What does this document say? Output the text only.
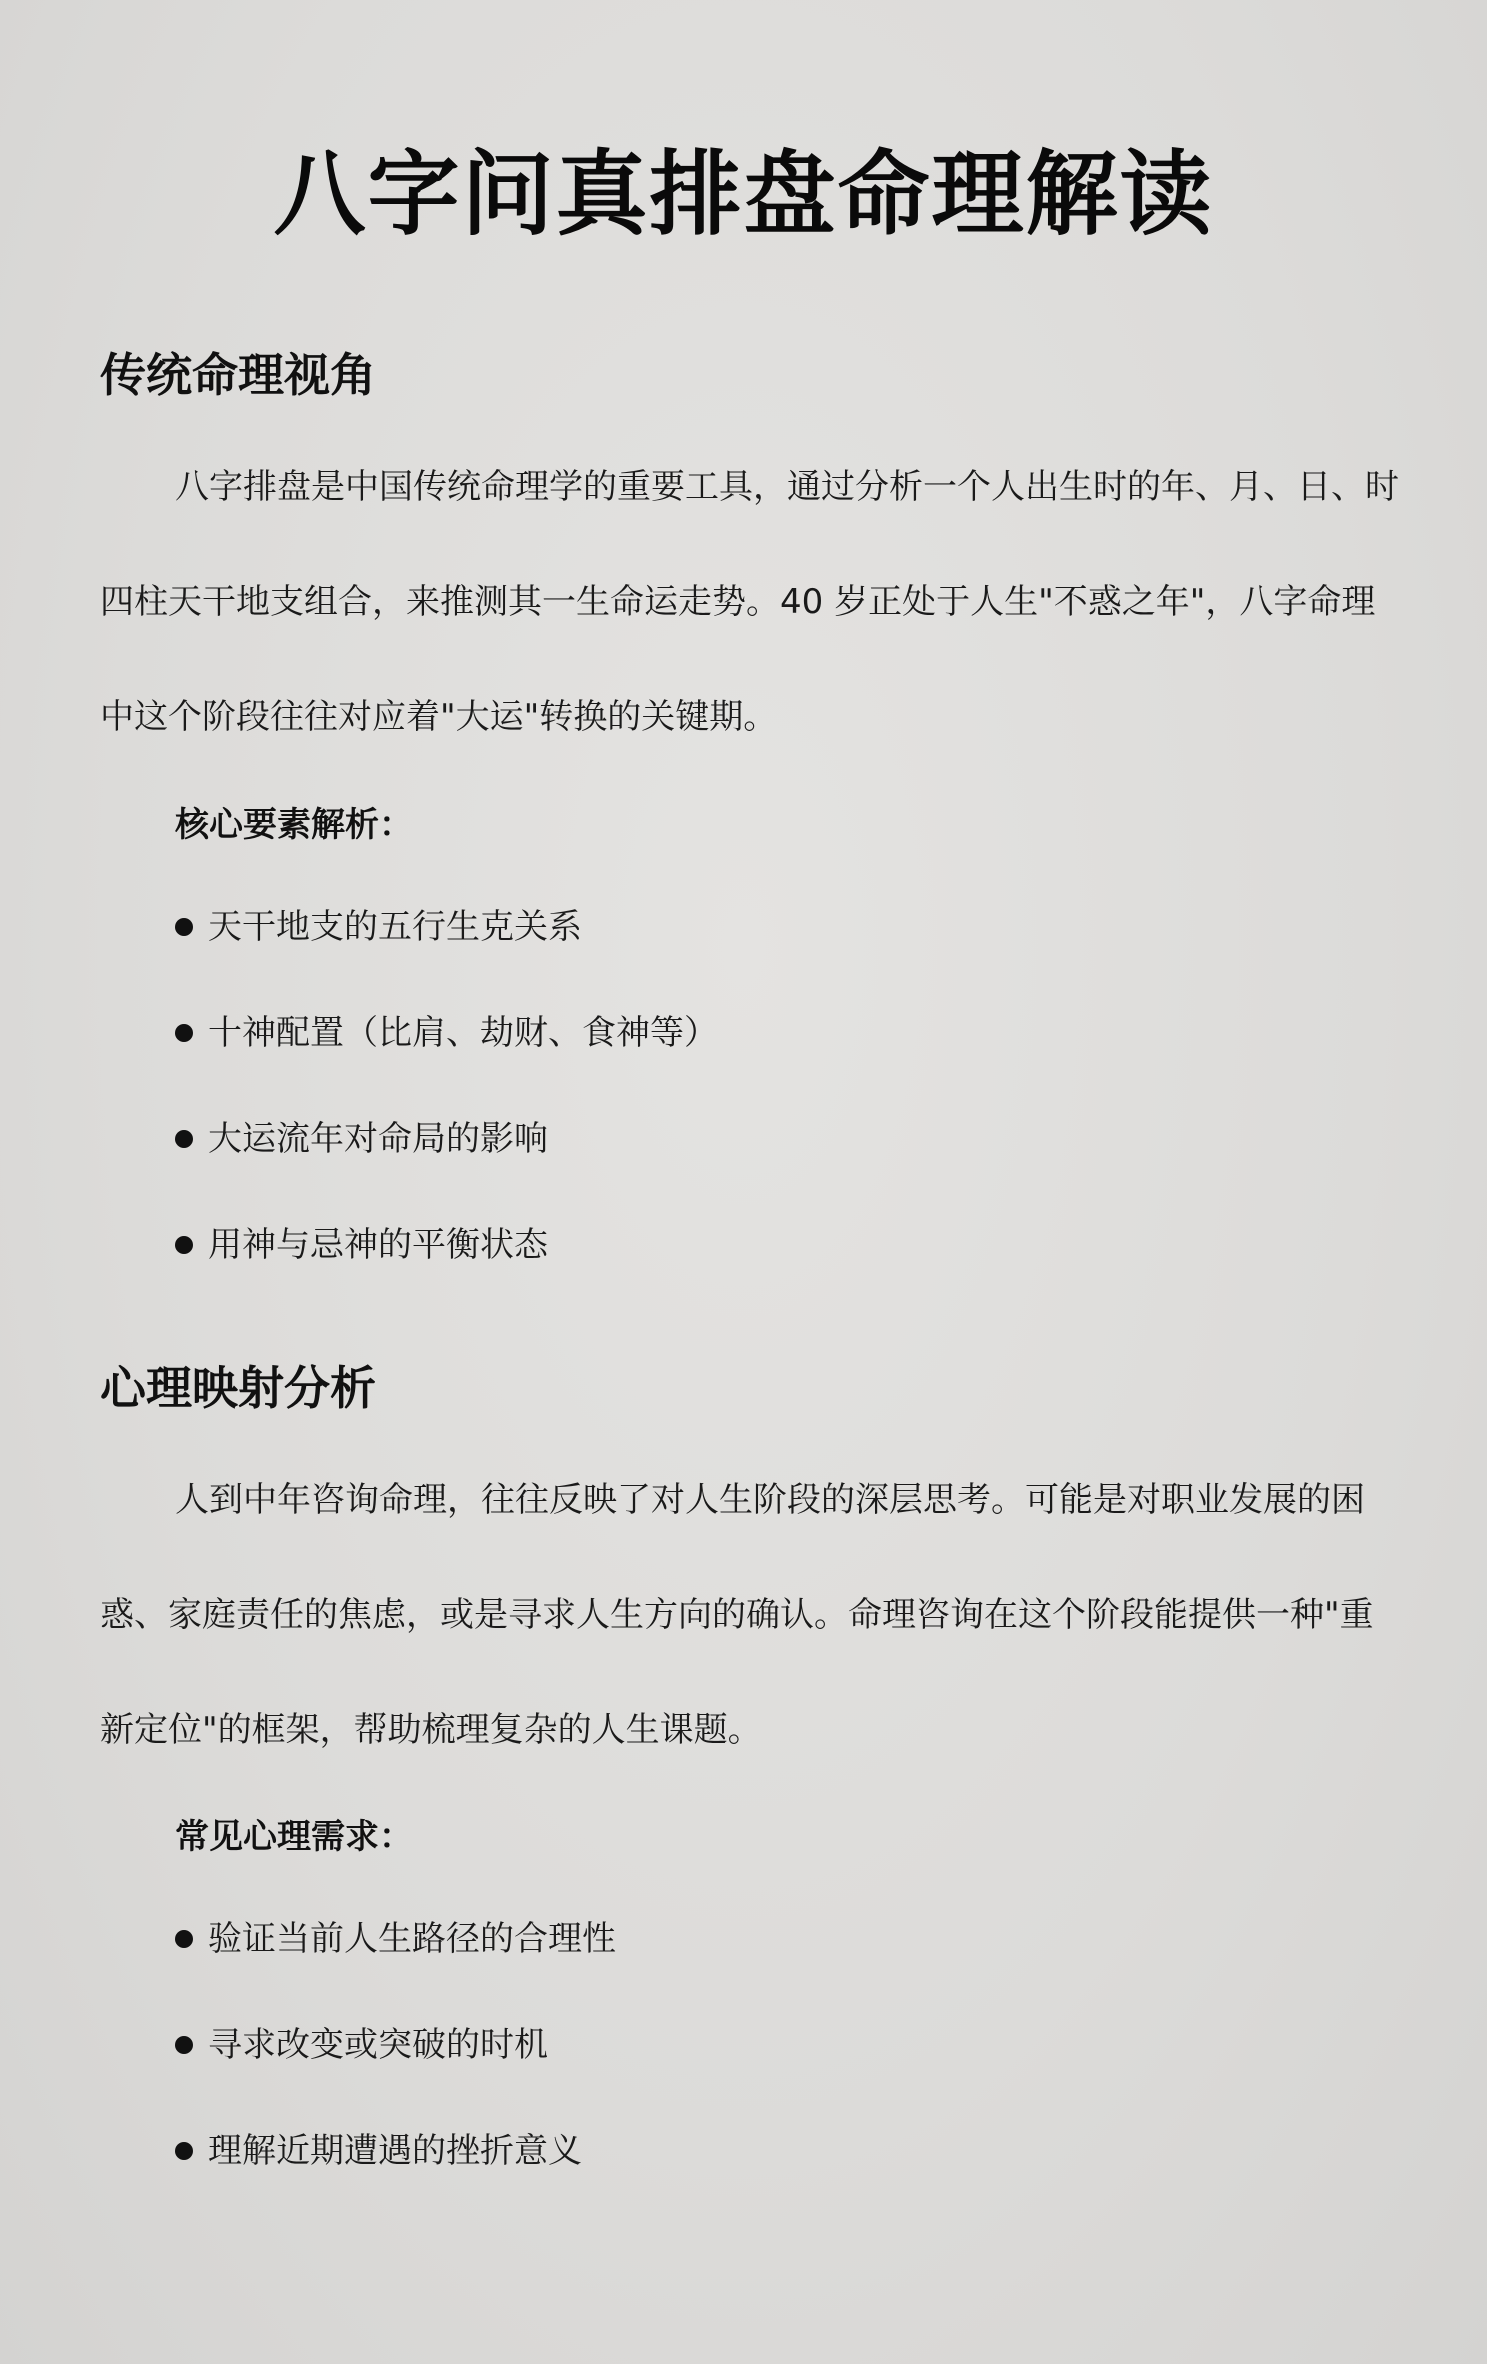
八字问真排盘命理解读
传统命理视角

八字排盘是中国传统命理学的重要工具，通过分析一个人出生时的年、月、日、时四柱天干地支组合，来推测其一生命运走势。40 岁正处于人生"不惑之年"，八字命理中这个阶段往往对应着"大运"转换的关键期。

核心要素解析：
天干地支的五行生克关系
十神配置（比肩、劫财、食神等）
大运流年对命局的影响
用神与忌神的平衡状态
心理映射分析

人到中年咨询命理，往往反映了对人生阶段的深层思考。可能是对职业发展的困惑、家庭责任的焦虑，或是寻求人生方向的确认。命理咨询在这个阶段能提供一种"重新定位"的框架，帮助梳理复杂的人生课题。

常见心理需求：
验证当前人生路径的合理性
寻求改变或突破的时机
理解近期遭遇的挫折意义
